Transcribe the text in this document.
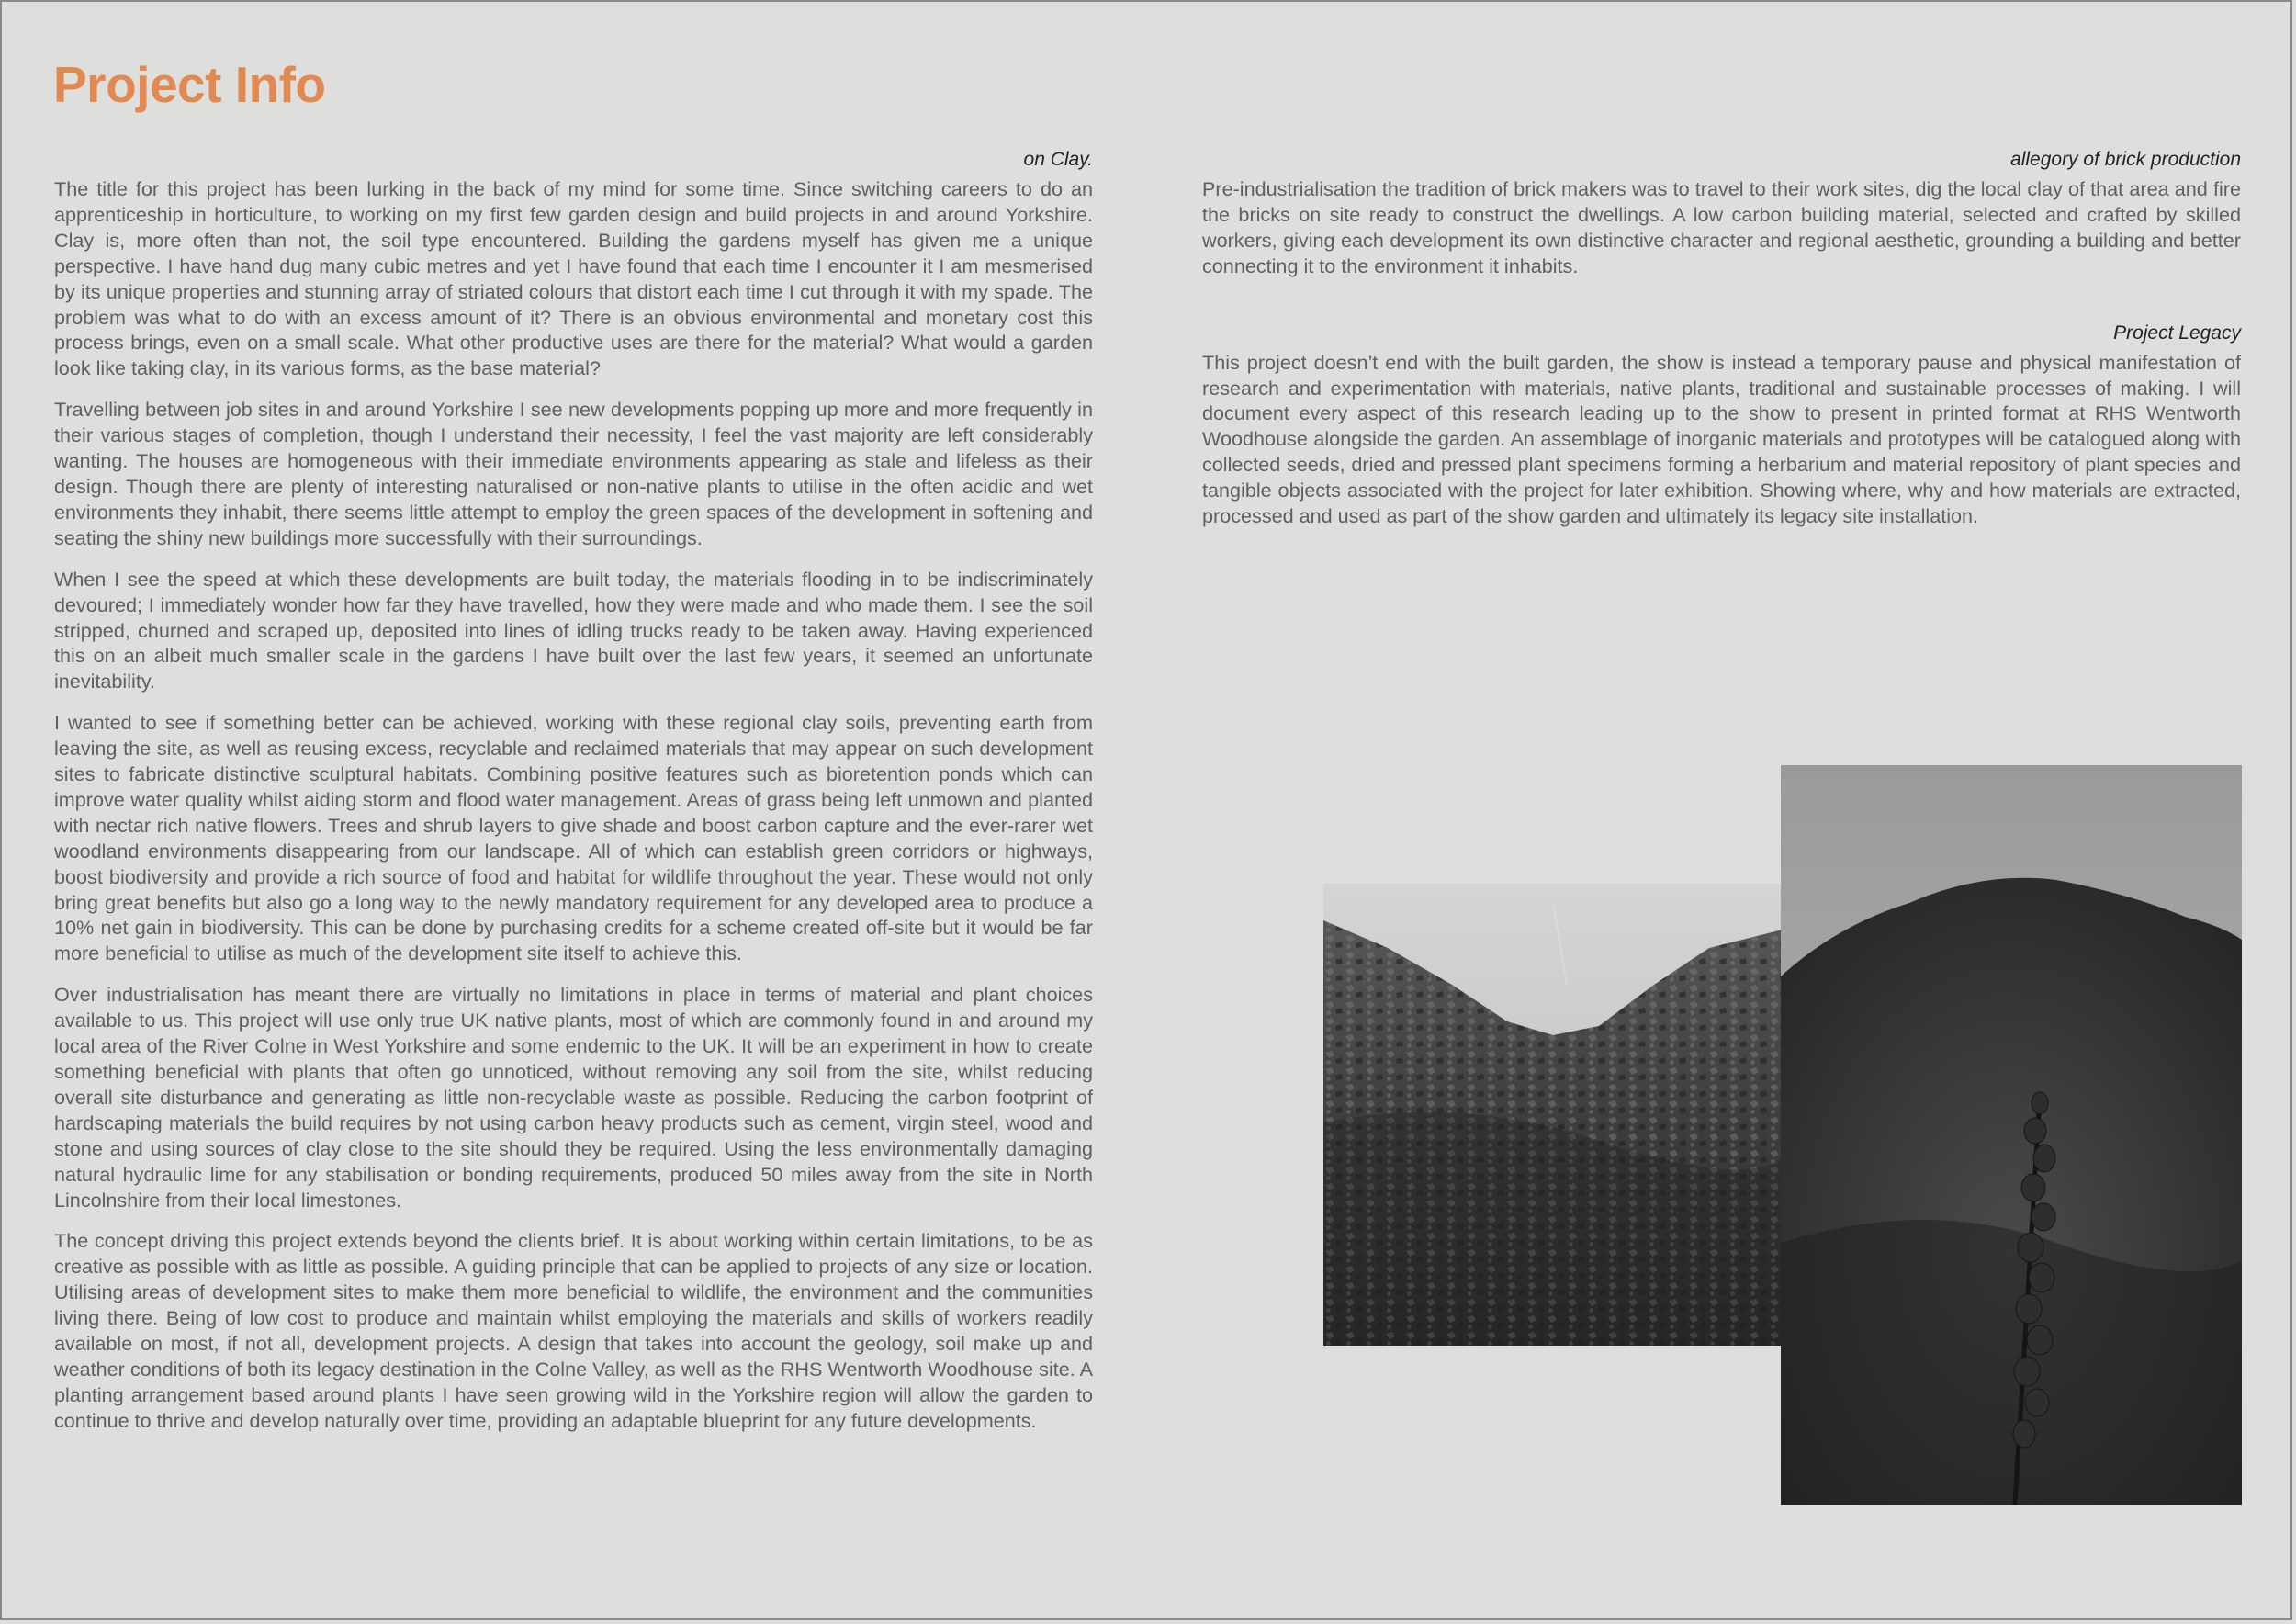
Project Info
on Clay.

The title for this project has been lurking in the back of my mind for some time. Since switching careers to do an apprenticeship in horticulture, to working on my first few garden design and build projects in and around Yorkshire. Clay is, more often than not, the soil type encountered. Building the gardens myself has given me a unique perspective. I have hand dug many cubic metres and yet I have found that each time I encounter it I am mesmerised by its unique properties and stunning array of striated colours that distort each time I cut through it with my spade. The problem was what to do with an excess amount of it? There is an obvious environmental and monetary cost this process brings, even on a small scale. What other productive uses are there for the material? What would a garden look like taking clay, in its various forms, as the base material?

Travelling between job sites in and around Yorkshire I see new developments popping up more and more frequently in their various stages of completion, though I understand their necessity, I feel the vast majority are left considerably wanting. The houses are homogeneous with their immediate environments appearing as stale and lifeless as their design. Though there are plenty of interesting naturalised or non-native plants to utilise in the often acidic and wet environments they inhabit, there seems little attempt to employ the green spaces of the development in softening and seating the shiny new buildings more successfully with their surroundings.

When I see the speed at which these developments are built today, the materials flooding in to be indiscriminately devoured; I immediately wonder how far they have travelled, how they were made and who made them. I see the soil stripped, churned and scraped up, deposited into lines of idling trucks ready to be taken away. Having experienced this on an albeit much smaller scale in the gardens I have built over the last few years, it seemed an unfortunate inevitability.

I wanted to see if something better can be achieved, working with these regional clay soils, preventing earth from leaving the site, as well as reusing excess, recyclable and reclaimed materials that may appear on such development sites to fabricate distinctive sculptural habitats. Combining positive features such as bioretention ponds which can improve water quality whilst aiding storm and flood water management. Areas of grass being left unmown and planted with nectar rich native flowers. Trees and shrub layers to give shade and boost carbon capture and the ever-rarer wet woodland environments disappearing from our landscape. All of which can establish green corridors or highways, boost biodiversity and provide a rich source of food and habitat for wildlife throughout the year. These would not only bring great benefits but also go a long way to the newly mandatory requirement for any developed area to produce a 10% net gain in biodiversity. This can be done by purchasing credits for a scheme created off-site but it would be far more beneficial to utilise as much of the development site itself to achieve this.

Over industrialisation has meant there are virtually no limitations in place in terms of material and plant choices available to us. This project will use only true UK native plants, most of which are commonly found in and around my local area of the River Colne in West Yorkshire and some endemic to the UK. It will be an experiment in how to create something beneficial with plants that often go unnoticed, without removing any soil from the site, whilst reducing overall site disturbance and generating as little non-recyclable waste as possible. Reducing the carbon footprint of hardscaping materials the build requires by not using carbon heavy products such as cement, virgin steel, wood and stone and using sources of clay close to the site should they be required. Using the less environmentally damaging natural hydraulic lime for any stabilisation or bonding requirements, produced 50 miles away from the site in North Lincolnshire from their local limestones.

The concept driving this project extends beyond the clients brief. It is about working within certain limitations, to be as creative as possible with as little as possible. A guiding principle that can be applied to projects of any size or location. Utilising areas of development sites to make them more beneficial to wildlife, the environment and the communities living there. Being of low cost to produce and maintain whilst employing the materials and skills of workers readily available on most, if not all, development projects. A design that takes into account the geology, soil make up and weather conditions of both its legacy destination in the Colne Valley, as well as the RHS Wentworth Woodhouse site. A planting arrangement based around plants I have seen growing wild in the Yorkshire region will allow the garden to continue to thrive and develop naturally over time, providing an adaptable blueprint for any future developments.

allegory of brick production

Pre-industrialisation the tradition of brick makers was to travel to their work sites, dig the local clay of that area and fire the bricks on site ready to construct the dwellings. A low carbon building material, selected and crafted by skilled workers, giving each development its own distinctive character and regional aesthetic, grounding a building and better connecting it to the environment it inhabits.

Project Legacy

This project doesn’t end with the built garden, the show is instead a temporary pause and physical manifestation of research and experimentation with materials, native plants, traditional and sustainable processes of making. I will document every aspect of this research leading up to the show to present in printed format at RHS Wentworth Woodhouse alongside the garden. An assemblage of inorganic materials and prototypes will be catalogued along with collected seeds, dried and pressed plant specimens forming a herbarium and material repository of plant species and tangible objects associated with the project for later exhibition. Showing where, why and how materials are extracted, processed and used as part of the show garden and ultimately its legacy site installation.
